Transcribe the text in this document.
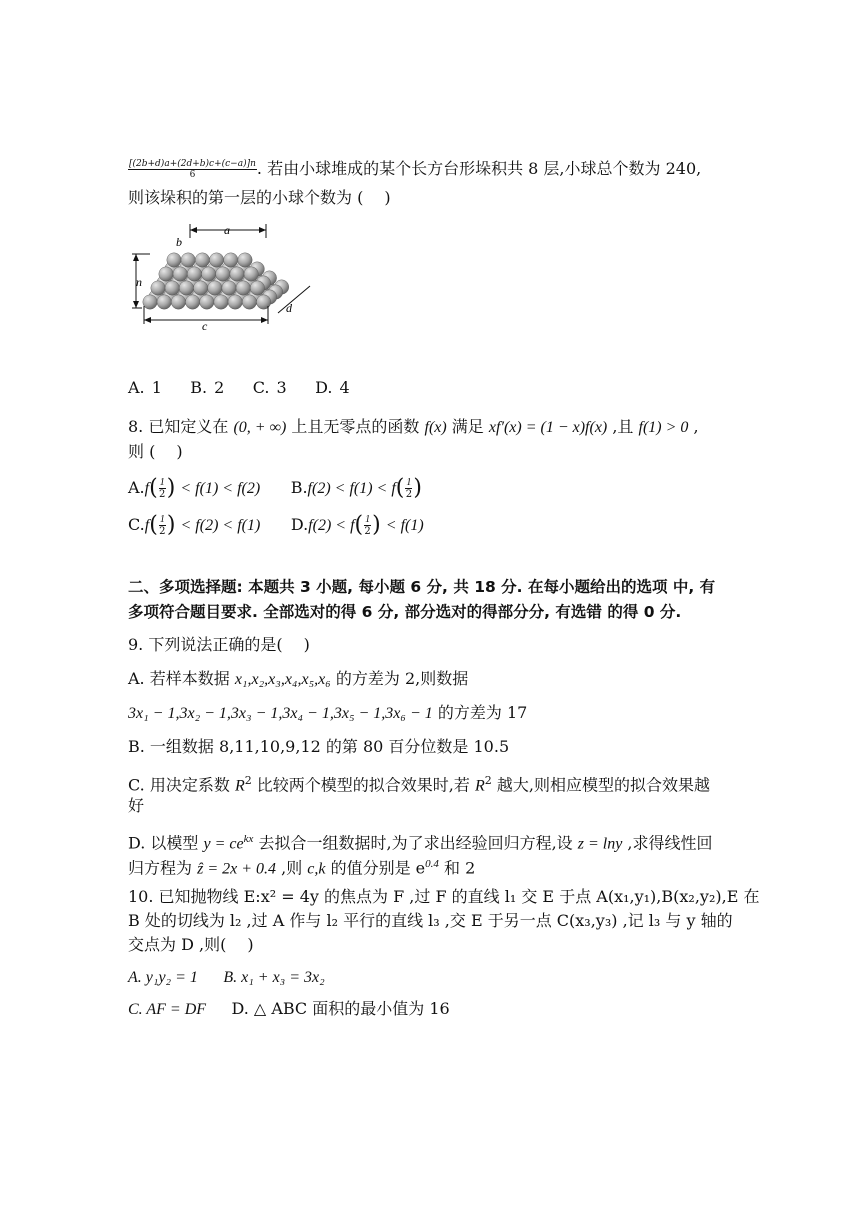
$\frac{[(2b+d)a+(2d+b)c+(c-a)]n}{6}$ . 若由小球堆成的某个长方台形垛积共 8 层,小球总个数为 240,
则该垛积的第一层的小球个数为 (　 )
a
b
n
c
d
A. 1 B. 2 C. 3 D. 4
8. 已知定义在 (0, + ∞) 上且无零点的函数 f(x) 满足 xf′(x) = (1 − x)f(x) ,且 f(1) > 0 ,
则 (　 )
$A.f( \frac{1}{2}$ ) < f(1) < f(2) $B.f(2) < f(1) < f( \frac{1}{2}$ )
$C.f( \frac{1}{2}$ ) < f(2) < f(1) $D.f(2) < f( \frac{1}{2}$ ) < f(1)
二、多项选择题: 本题共 3 小题, 每小题 6 分, 共 18 分. 在每小题给出的选项 中, 有
多项符合题目要求. 全部选对的得 6 分, 部分选对的得部分分, 有选错 的得 0 分.
9. 下列说法正确的是(　 )
A. 若样本数据 x₁,x₂,x₃,x₄,x₅,x₆ 的方差为 2,则数据
3x₁ − 1,3x₂ − 1,3x₃ − 1,3x₄ − 1,3x₅ − 1,3x₆ − 1 的方差为 17
B. 一组数据 8,11,10,9,12 的第 80 百分位数是 10.5
C. 用决定系数 $R^2$ 比较两个模型的拟合效果时,若 $R^2$ 越大,则相应模型的拟合效果越
好
D. 以模型 $y = ce^{kx}$ 去拟合一组数据时,为了求出经验回归方程,设 z = lny ,求得线性回
归方程为 ẑ = 2x + 0.4 ,则 c,k 的值分别是 $e^{0.4}$ 和 2
10. 已知抛物线 E:x² = 4y 的焦点为 F ,过 F 的直线 l₁ 交 E 于点 A(x₁,y₁),B(x₂,y₂),E 在
B 处的切线为 l₂ ,过 A 作与 l₂ 平行的直线 l₃ ,交 E 于另一点 C(x₃,y₃) ,记 l₃ 与 y 轴的
交点为 D ,则(　 )
A. y₁y₂ = 1 B. x₁ + x₃ = 3x₂
C. AF = DF D. △ ABC 面积的最小值为 16
